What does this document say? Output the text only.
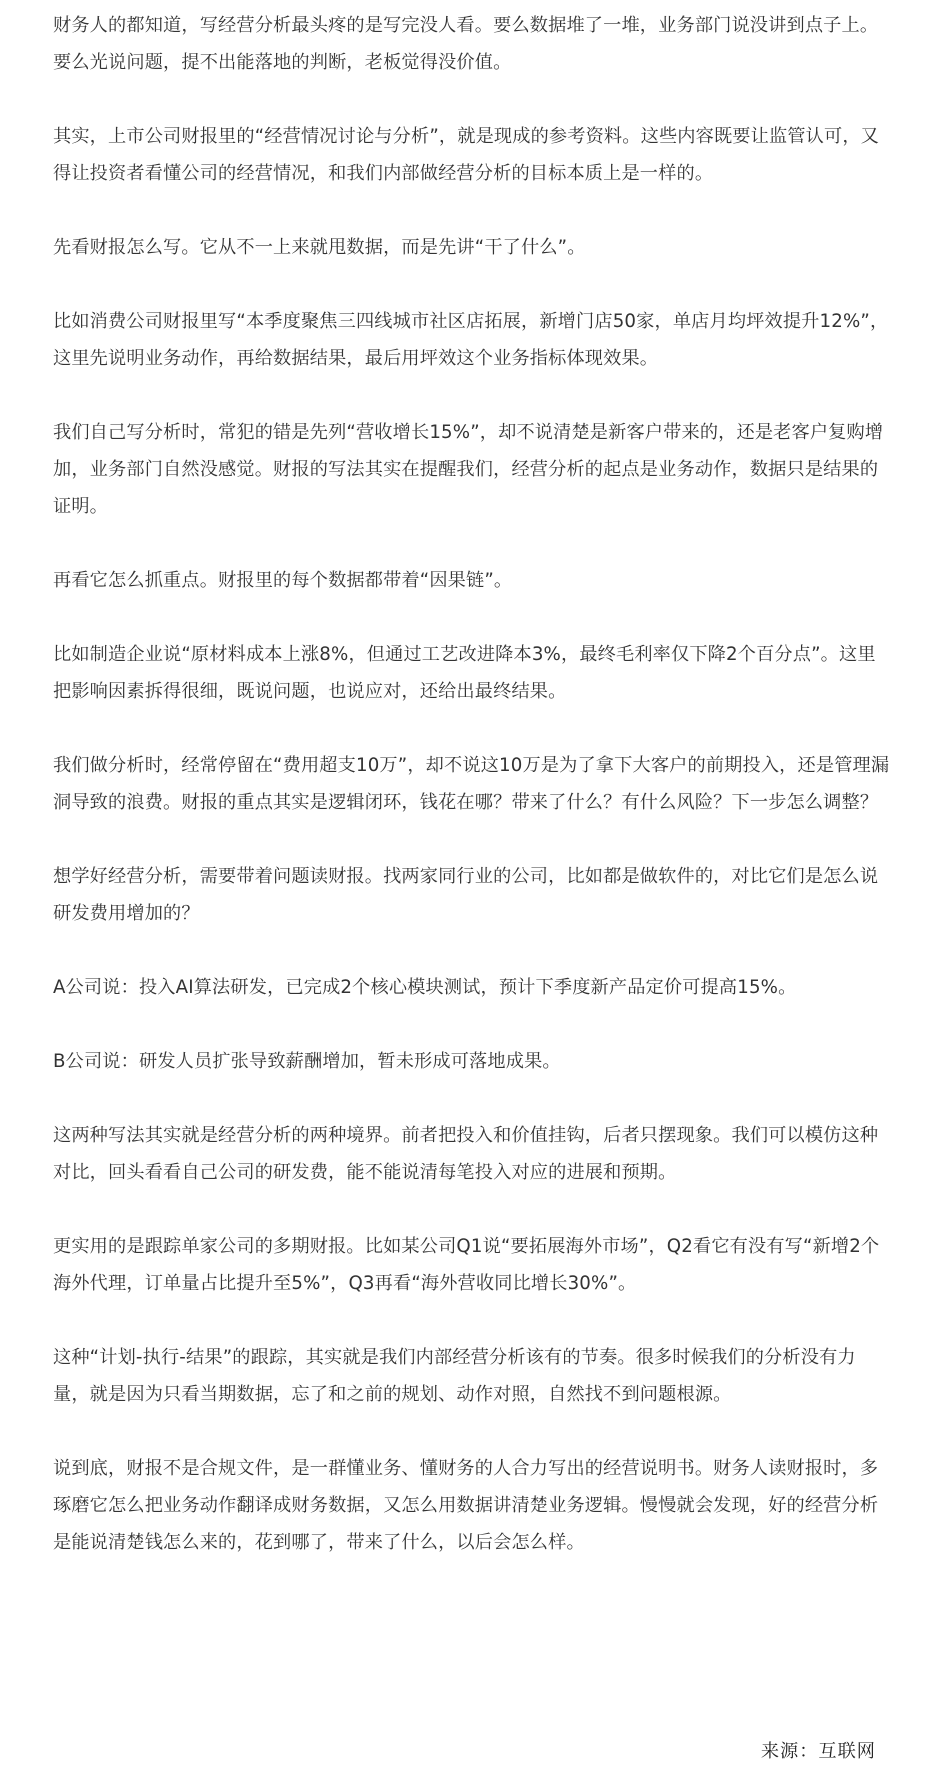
财务人的都知道，写经营分析最头疼的是写完没人看。要么数据堆了一堆，业务部门说没讲到点子上。要么光说问题，提不出能落地的判断，老板觉得没价值。

其实，上市公司财报里的“经营情况讨论与分析”，就是现成的参考资料。这些内容既要让监管认可，又得让投资者看懂公司的经营情况，和我们内部做经营分析的目标本质上是一样的。

先看财报怎么写。它从不一上来就甩数据，而是先讲“干了什么”。

比如消费公司财报里写“本季度聚焦三四线城市社区店拓展，新增门店50家，单店月均坪效提升12%”，这里先说明业务动作，再给数据结果，最后用坪效这个业务指标体现效果。

我们自己写分析时，常犯的错是先列“营收增长15%”，却不说清楚是新客户带来的，还是老客户复购增加，业务部门自然没感觉。财报的写法其实在提醒我们，经营分析的起点是业务动作，数据只是结果的证明。

再看它怎么抓重点。财报里的每个数据都带着“因果链”。

比如制造企业说“原材料成本上涨8%，但通过工艺改进降本3%，最终毛利率仅下降2个百分点”。这里把影响因素拆得很细，既说问题，也说应对，还给出最终结果。

我们做分析时，经常停留在“费用超支10万”，却不说这10万是为了拿下大客户的前期投入，还是管理漏洞导致的浪费。财报的重点其实是逻辑闭环，钱花在哪？带来了什么？有什么风险？下一步怎么调整？

想学好经营分析，需要带着问题读财报。找两家同行业的公司，比如都是做软件的，对比它们是怎么说研发费用增加的？

A公司说：投入AI算法研发，已完成2个核心模块测试，预计下季度新产品定价可提高15%。

B公司说：研发人员扩张导致薪酬增加，暂未形成可落地成果。

这两种写法其实就是经营分析的两种境界。前者把投入和价值挂钩，后者只摆现象。我们可以模仿这种对比，回头看看自己公司的研发费，能不能说清每笔投入对应的进展和预期。

更实用的是跟踪单家公司的多期财报。比如某公司Q1说“要拓展海外市场”，Q2看它有没有写“新增2个海外代理，订单量占比提升至5%”，Q3再看“海外营收同比增长30%”。

这种“计划-执行-结果”的跟踪，其实就是我们内部经营分析该有的节奏。很多时候我们的分析没有力量，就是因为只看当期数据，忘了和之前的规划、动作对照，自然找不到问题根源。

说到底，财报不是合规文件，是一群懂业务、懂财务的人合力写出的经营说明书。财务人读财报时，多琢磨它怎么把业务动作翻译成财务数据，又怎么用数据讲清楚业务逻辑。慢慢就会发现，好的经营分析是能说清楚钱怎么来的，花到哪了，带来了什么，以后会怎么样。

来源：互联网
